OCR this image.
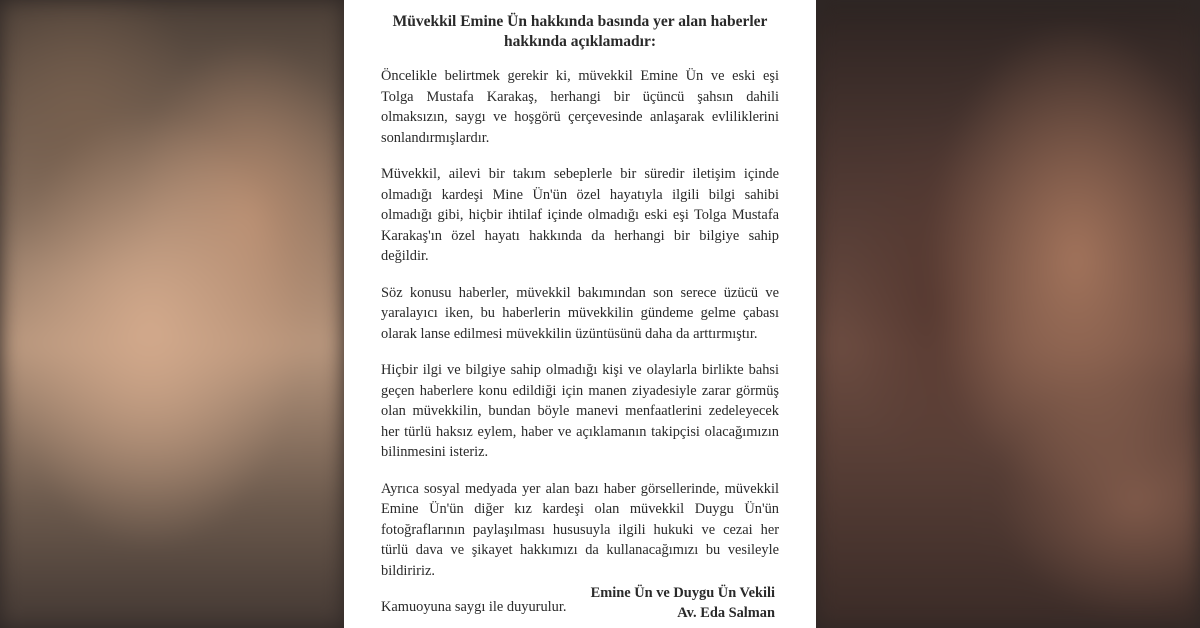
Müvekkil Emine Ün hakkında basında yer alan haberler
hakkında açıklamadır:
Öncelikle belirtmek gerekir ki, müvekkil Emine Ün ve eski eşi
Tolga Mustafa Karakaş, herhangi bir üçüncü şahsın dahili
olmaksızın, saygı ve hoşgörü çerçevesinde anlaşarak evliliklerini
sonlandırmışlardır.
Müvekkil, ailevi bir takım sebeplerle bir süredir iletişim içinde
olmadığı kardeşi Mine Ün'ün özel hayatıyla ilgili bilgi sahibi
olmadığı gibi, hiçbir ihtilaf içinde olmadığı eski eşi Tolga Mustafa
Karakaş'ın özel hayatı hakkında da herhangi bir bilgiye sahip
değildir.
Söz konusu haberler, müvekkil bakımından son serece üzücü ve
yaralayıcı iken, bu haberlerin müvekkilin gündeme gelme çabası
olarak lanse edilmesi müvekkilin üzüntüsünü daha da arttırmıştır.
Hiçbir ilgi ve bilgiye sahip olmadığı kişi ve olaylarla birlikte bahsi
geçen haberlere konu edildiği için manen ziyadesiyle zarar görmüş
olan müvekkilin, bundan böyle manevi menfaatlerini zedeleyecek
her türlü haksız eylem, haber ve açıklamanın takipçisi olacağımızın
bilinmesini isteriz.
Ayrıca sosyal medyada yer alan bazı haber görsellerinde, müvekkil
Emine Ün'ün diğer kız kardeşi olan müvekkil Duygu Ün'ün
fotoğraflarının paylaşılması hususuyla ilgili hukuki ve cezai her
türlü dava ve şikayet hakkımızı da kullanacağımızı bu vesileyle
bildiririz.
Kamuoyuna saygı ile duyurulur.
Emine Ün ve Duygu Ün Vekili
Av. Eda Salman
